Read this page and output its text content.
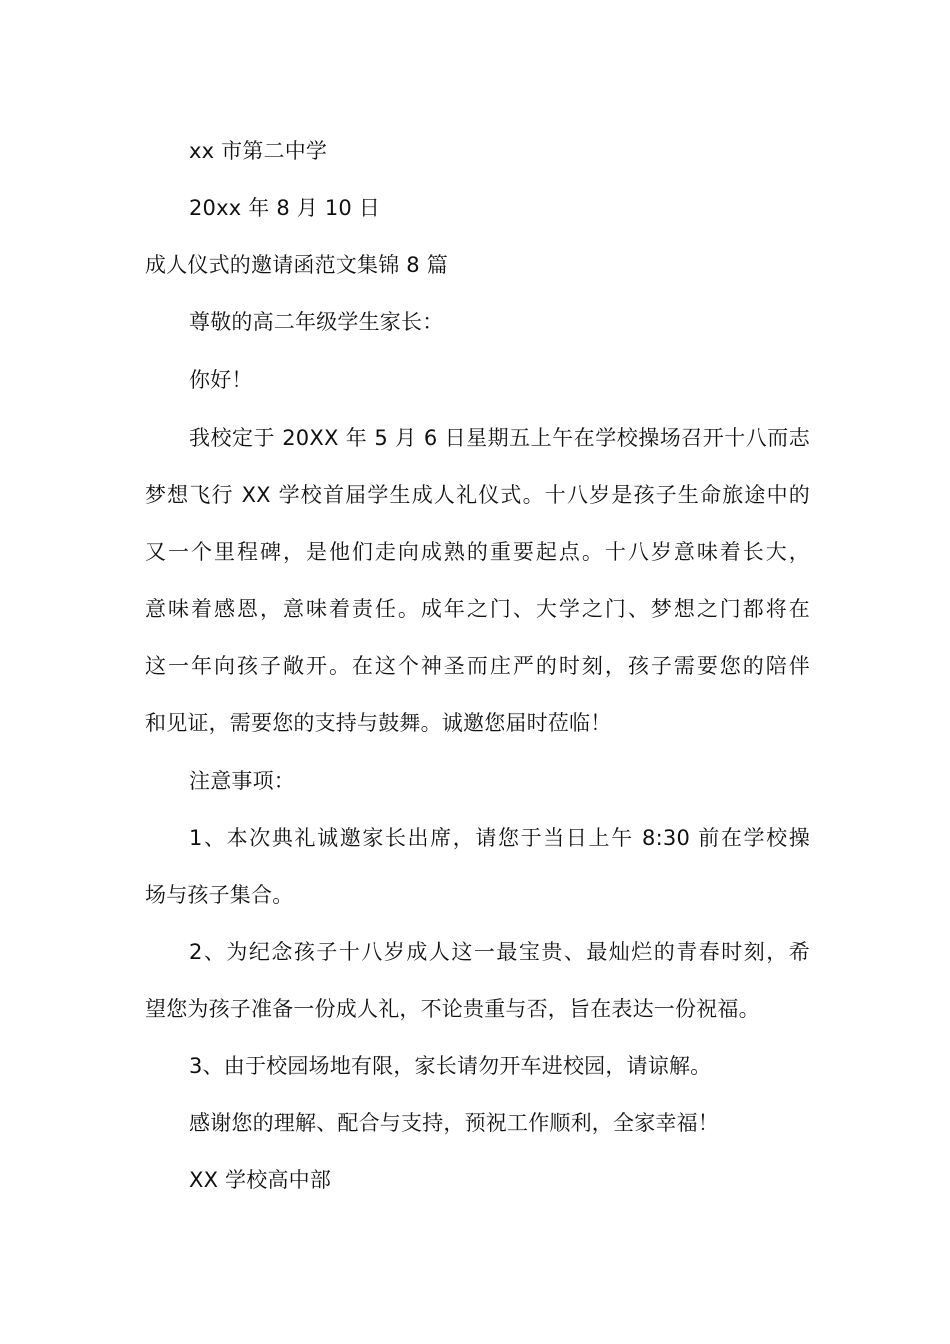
xx 市第二中学
20xx 年 8 月 10 日
成人仪式的邀请函范文集锦 8 篇
尊敬的高二年级学生家长：
你好！
我校定于 20XX 年 5 月 6 日星期五上午在学校操场召开十八而志
梦想飞行 XX 学校首届学生成人礼仪式。十八岁是孩子生命旅途中的
又一个里程碑，是他们走向成熟的重要起点。十八岁意味着长大，
意味着感恩，意味着责任。成年之门、大学之门、梦想之门都将在
这一年向孩子敞开。在这个神圣而庄严的时刻，孩子需要您的陪伴
和见证，需要您的支持与鼓舞。诚邀您届时莅临！
注意事项：
1、本次典礼诚邀家长出席，请您于当日上午 8:30 前在学校操
场与孩子集合。
2、为纪念孩子十八岁成人这一最宝贵、最灿烂的青春时刻，希
望您为孩子准备一份成人礼，不论贵重与否，旨在表达一份祝福。
3、由于校园场地有限，家长请勿开车进校园，请谅解。
感谢您的理解、配合与支持，预祝工作顺利，全家幸福！
XX 学校高中部
